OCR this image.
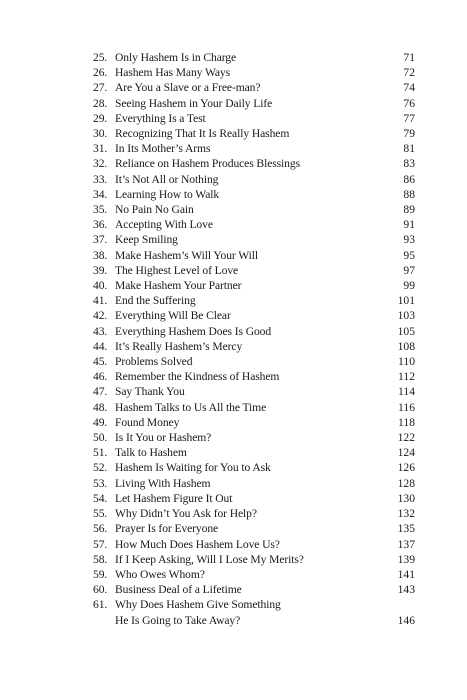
25. Only Hashem Is in Charge	71
26. Hashem Has Many Ways	72
27. Are You a Slave or a Free-man?	74
28. Seeing Hashem in Your Daily Life	76
29. Everything Is a Test	77
30. Recognizing That It Is Really Hashem	79
31. In Its Mother’s Arms	81
32. Reliance on Hashem Produces Blessings	83
33. It’s Not All or Nothing	86
34. Learning How to Walk	88
35. No Pain No Gain	89
36. Accepting With Love	91
37. Keep Smiling	93
38. Make Hashem’s Will Your Will	95
39. The Highest Level of Love	97
40. Make Hashem Your Partner	99
41. End the Suffering	101
42. Everything Will Be Clear	103
43. Everything Hashem Does Is Good	105
44. It’s Really Hashem’s Mercy	108
45. Problems Solved	110
46. Remember the Kindness of Hashem	112
47. Say Thank You	114
48. Hashem Talks to Us All the Time	116
49. Found Money	118
50. Is It You or Hashem?	122
51. Talk to Hashem	124
52. Hashem Is Waiting for You to Ask	126
53. Living With Hashem	128
54. Let Hashem Figure It Out	130
55. Why Didn’t You Ask for Help?	132
56. Prayer Is for Everyone	135
57. How Much Does Hashem Love Us?	137
58. If I Keep Asking, Will I Lose My Merits?	139
59. Who Owes Whom?	141
60. Business Deal of a Lifetime	143
61. Why Does Hashem Give Something
He Is Going to Take Away?	146
